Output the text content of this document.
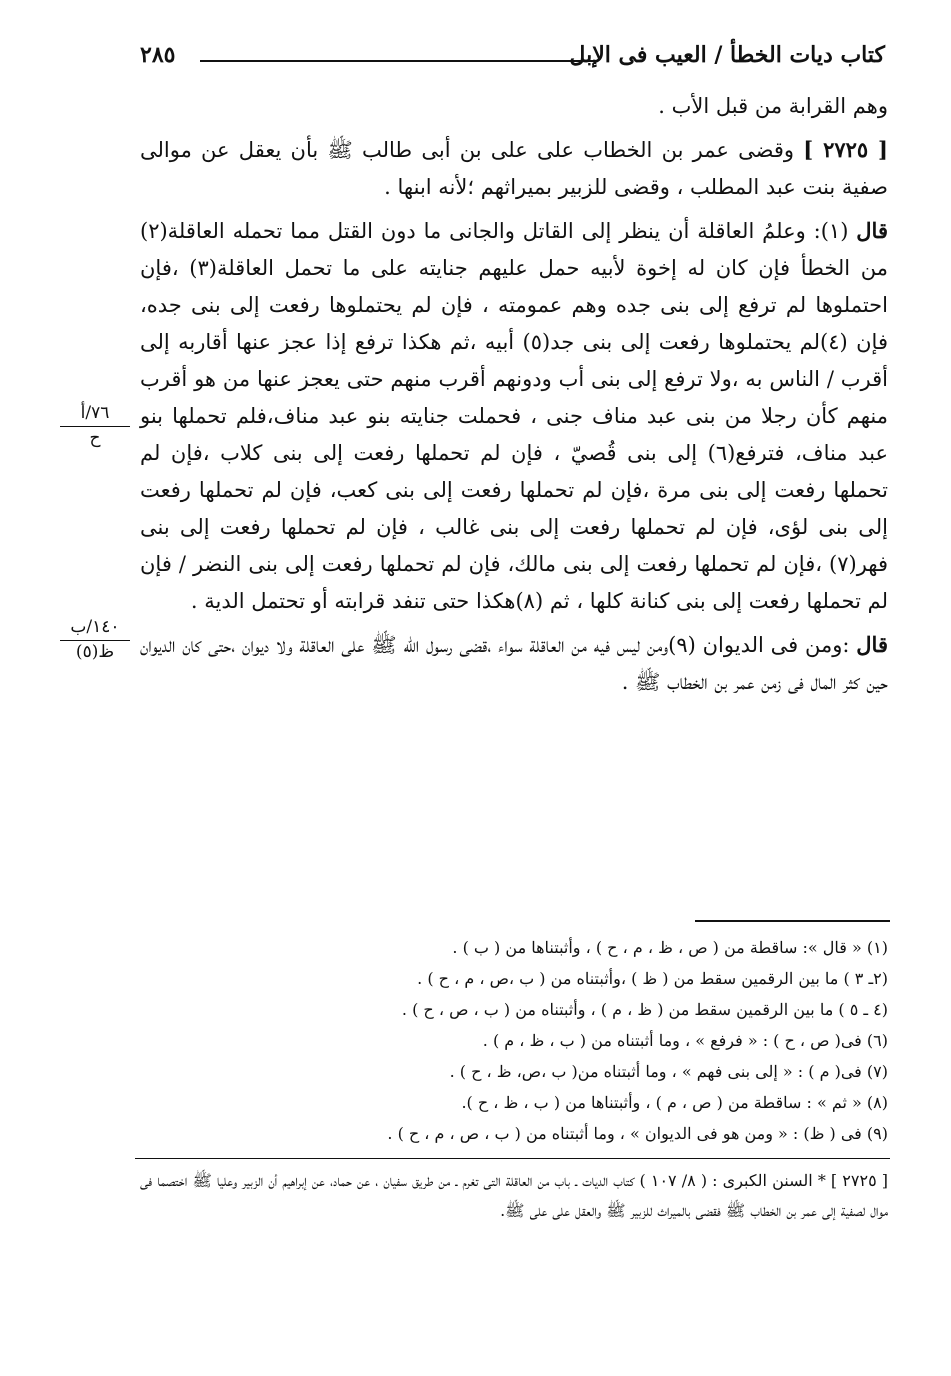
كتاب ديات الخطأ / العيب فى الإبل
٢٨٥

وهم القرابة من قبل الأب .

[ ٢٧٢٥ ] وقضى عمر بن الخطاب على على بن أبى طالب ﷺ بأن يعقل عن موالى صفية بنت عبد المطلب ، وقضى للزبير بميراثهم ؛لأنه ابنها .

قال (١): وعلمُ العاقلة أن ينظر إلى القاتل والجانى ما دون القتل مما تحمله العاقلة(٢) من الخطأ فإن كان له إخوة لأبيه حمل عليهم جنايته على ما تحمل العاقلة(٣) ،فإن احتملوها لم ترفع إلى بنى جده وهم عمومته ، فإن لم يحتملوها رفعت إلى بنى جده، فإن (٤)لم يحتملوها رفعت إلى بنى جد(٥) أبيه ،ثم هكذا ترفع إذا عجز عنها أقاربه إلى أقرب / الناس به ،ولا ترفع إلى بنى أب ودونهم أقرب منهم حتى يعجز عنها من هو أقرب منهم كأن رجلا من بنى عبد مناف جنى ، فحملت جنايته بنو عبد مناف،فلم تحملها بنو عبد مناف، فترفع(٦) إلى بنى قُصيّ ، فإن لم تحملها رفعت إلى بنى كلاب ،فإن لم تحملها رفعت إلى بنى مرة ،فإن لم تحملها رفعت إلى بنى كعب، فإن لم تحملها رفعت إلى بنى لؤى، فإن لم تحملها رفعت إلى بنى غالب ، فإن لم تحملها رفعت إلى بنى فهر(٧) ،فإن لم تحملها رفعت إلى بنى مالك، فإن لم تحملها رفعت إلى بنى النضر / فإن لم تحملها رفعت إلى بنى كنانة كلها ، ثم (٨)هكذا حتى تنفد قرابته أو تحتمل الدية .

قال :ومن فى الديوان (٩)ومن ليس فيه من العاقلة سواء ،قضى رسول الله ﷺ على العاقلة ولا ديوان ،حتى كان الديوان حين كثر المال فى زمن عمر بن الخطاب ﷺ .

٧٦/أ
ح
١٤٠/ب
ظ(٥)
(١) « قال »: ساقطة من ( ص ، ظ ، م ، ح ) ، وأثبتناها من ( ب ) .
(٢ـ ٣ ) ما بين الرقمين سقط من ( ظ ) ،وأثبتناه من ( ب ،ص ، م ، ح ) .
(٤ ـ ٥ ) ما بين الرقمين سقط من ( ظ ، م ) ، وأثبتناه من ( ب ، ص ، ح ) .
(٦) فى( ص ، ح ) : « فرفع » ، وما أثبتناه من ( ب ، ظ ، م ) .
(٧) فى( م ) : « إلى بنى فهم » ، وما أثبتناه من( ب ،ص، ظ ، ح ) .
(٨) « ثم » : ساقطة من ( ص ، م ) ، وأثبتناها من ( ب ، ظ ، ح ).
(٩) فى ( ظ) : « ومن هو فى الديوان » ، وما أثبتناه من ( ب ، ص ، م ، ح ) .
[ ٢٧٢٥ ] * السنن الكبرى : ( ٨/ ١٠٧ ) كتاب الديات ـ باب من العاقلة التى تغرم ـ من طريق سفيان ، عن حماد، عن إبراهيم أن الزبير وعليا ﷺ اختصما فى موال لصفية إلى عمر بن الخطاب ﷺ فقضى بالميراث للزبير ﷺ والعقل على على ﷺ.
